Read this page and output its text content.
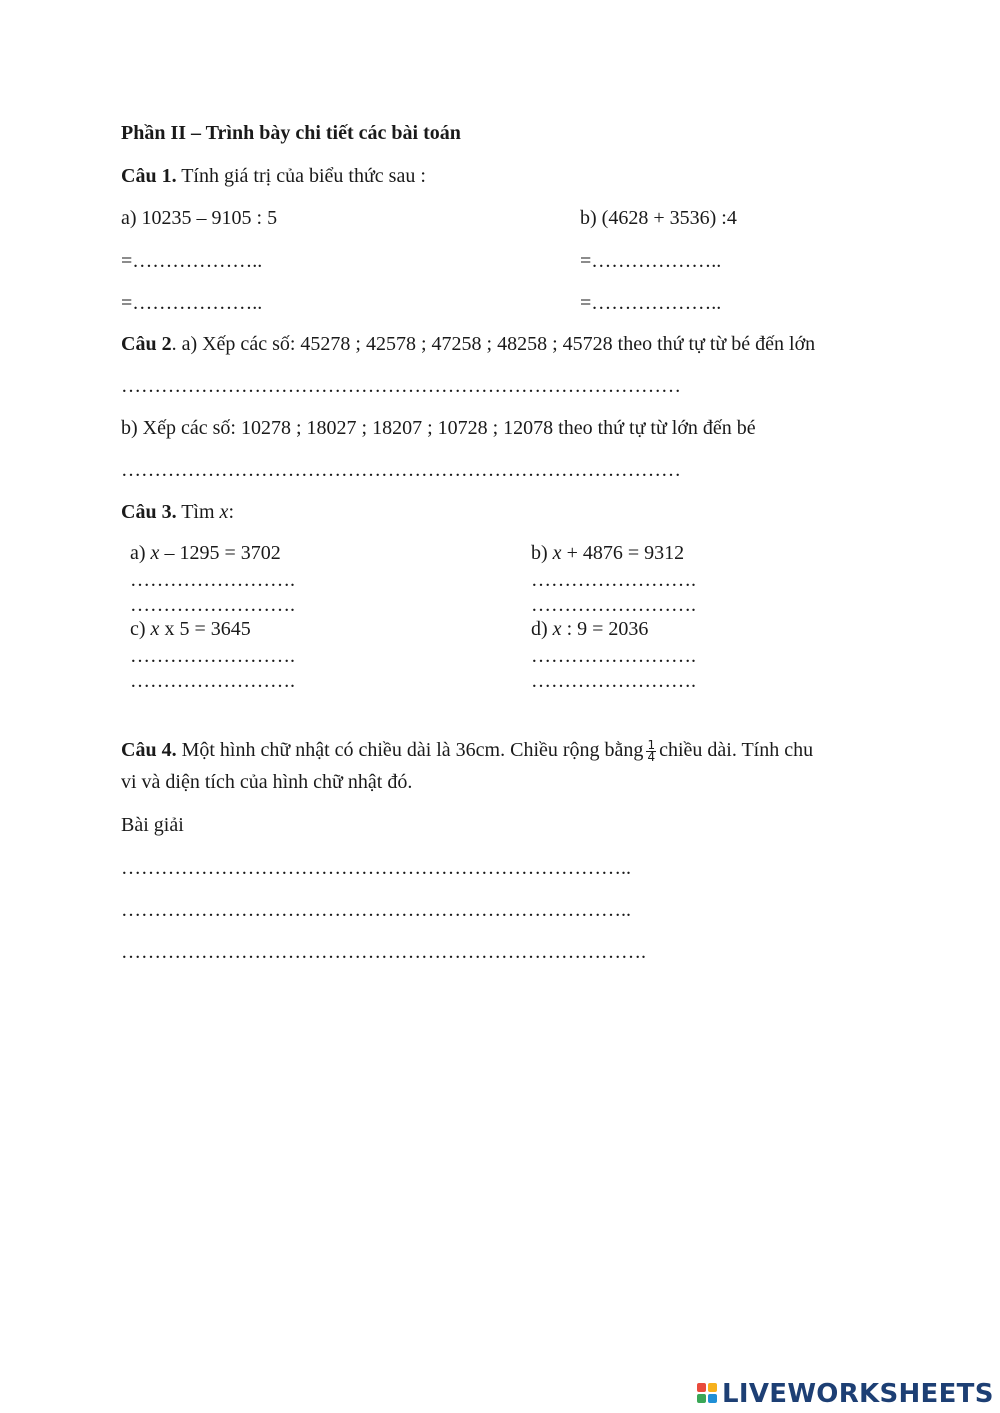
Phần II – Trình bày chi tiết các bài toán
Câu 1. Tính giá trị của biểu thức sau :
a) 10235 – 9105 : 5	b) (4628 + 3536) :4
=………………..	=………………..
=………………..	=………………..
Câu 2. a) Xếp các số: 45278 ; 42578 ; 47258 ; 48258 ; 45728 theo thứ tự từ bé đến lớn
…………………………………………………………………………
b) Xếp các số: 10278 ; 18027 ; 18207 ; 10728 ; 12078 theo thứ tự từ lớn đến bé
…………………………………………………………………………
Câu 3. Tìm x:
a) x – 1295 = 3702	b) x + 4876 = 9312
…………………….	…………………….
…………………….	…………………….
c) x x 5 = 3645	d) x : 9 = 2036
…………………….	…………………….
…………………….	…………………….
Câu 4. Một hình chữ nhật có chiều dài là 36cm. Chiều rộng bằng $\frac{1}{4}$ chiều dài. Tính chu
vi và diện tích của hình chữ nhật đó.
Bài giải
…………………………………………………………………..
…………………………………………………………………..
…………………………………………………………………….
LIVEWORKSHEETS
